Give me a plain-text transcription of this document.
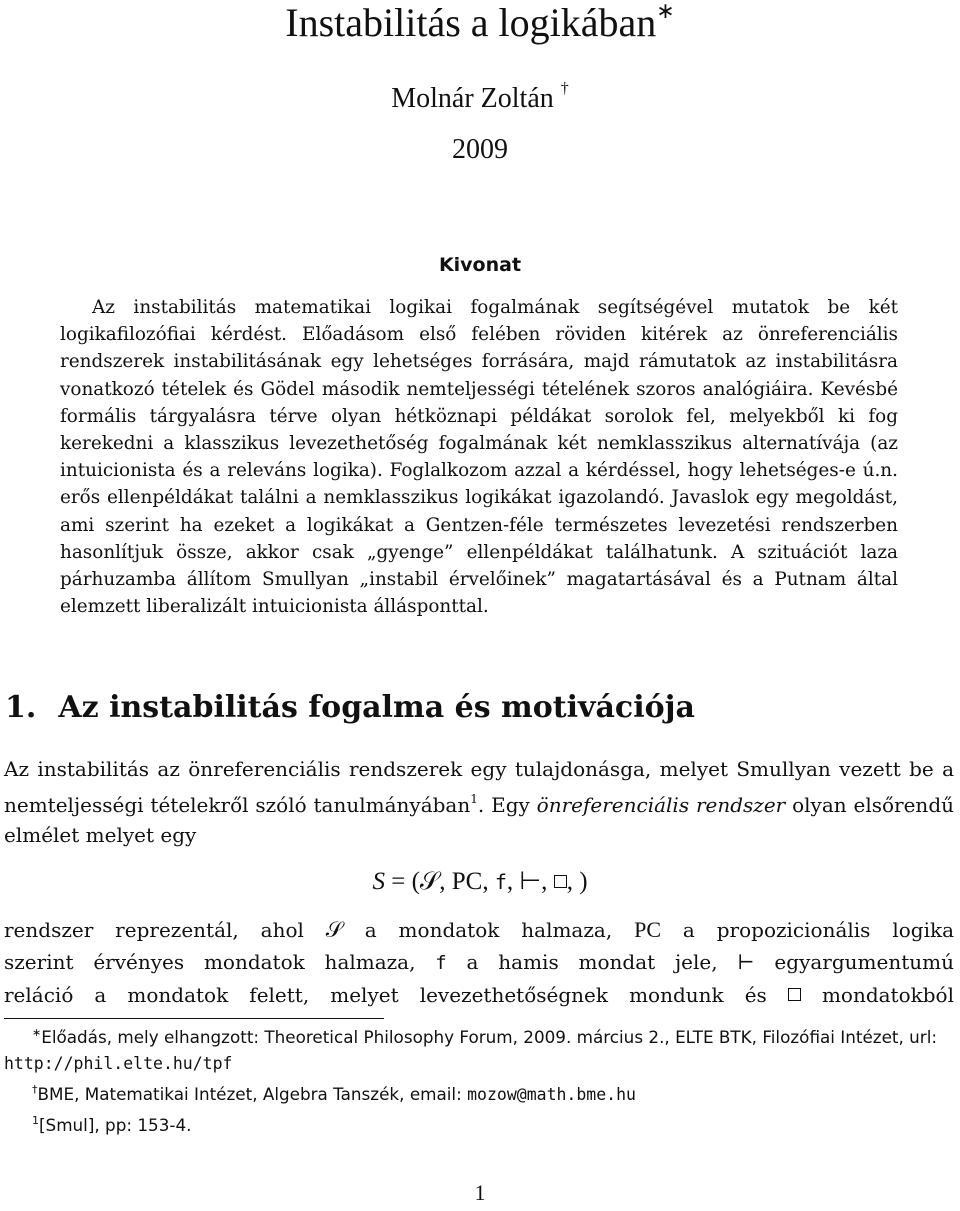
Instabilitás a logikában∗
Molnár Zoltán †
2009
Kivonat
Az instabilitás matematikai logikai fogalmának segítségével mutatok be két logikafilozófiai kérdést. Előadásom első felében röviden kitérek az önreferenciális rendszerek instabilitásának egy lehetséges forrására, majd rámutatok az instabilitásra vonatkozó tételek és Gödel második nemteljességi tételének szoros analógiáira. Kevésbé formális tárgyalásra térve olyan hétköznapi példákat sorolok fel, melyekből ki fog kerekedni a klasszikus levezethetőség fogalmának két nemklasszikus alternatívája (az intuicionista és a releváns logika). Foglalkozom azzal a kérdéssel, hogy lehetséges-e ú.n. erős ellenpéldákat találni a nemklasszikus logikákat igazolandó. Javaslok egy megoldást, ami szerint ha ezeket a logikákat a Gentzen-féle természetes levezetési rendszerben hasonlítjuk össze, akkor csak „gyenge” ellenpéldákat találhatunk. A szituációt laza párhuzamba állítom Smullyan „instabil érvelőinek” magatartásával és a Putnam által elemzett liberalizált intuicionista állásponttal.
1. Az instabilitás fogalma és motivációja
Az instabilitás az önreferenciális rendszerek egy tulajdonásga, melyet Smullyan vezett be a nemteljességi tételekről szóló tanulmányában$^1$. Egy önreferenciális rendszer olyan elsőrendű elmélet melyet egy
S = (𝒮, PC, f, ⊢, , )
rendszer reprezentál, ahol 𝒮 a mondatok halmaza, PC a propozicionális logika
szerint érvényes mondatok halmaza, f a hamis mondat jele, ⊢ egyargumentumú
reláció a mondatok felett, melyet levezethetőségnek mondunk és  mondatokból

∗Előadás, mely elhangzott: Theoretical Philosophy Forum, 2009. március 2., ELTE BTK, Filozófiai Intézet, url: http://phil.elte.hu/tpf

†BME, Matematikai Intézet, Algebra Tanszék, email: mozow@math.bme.hu

$^1$[Smul], pp: 153-4.

1
